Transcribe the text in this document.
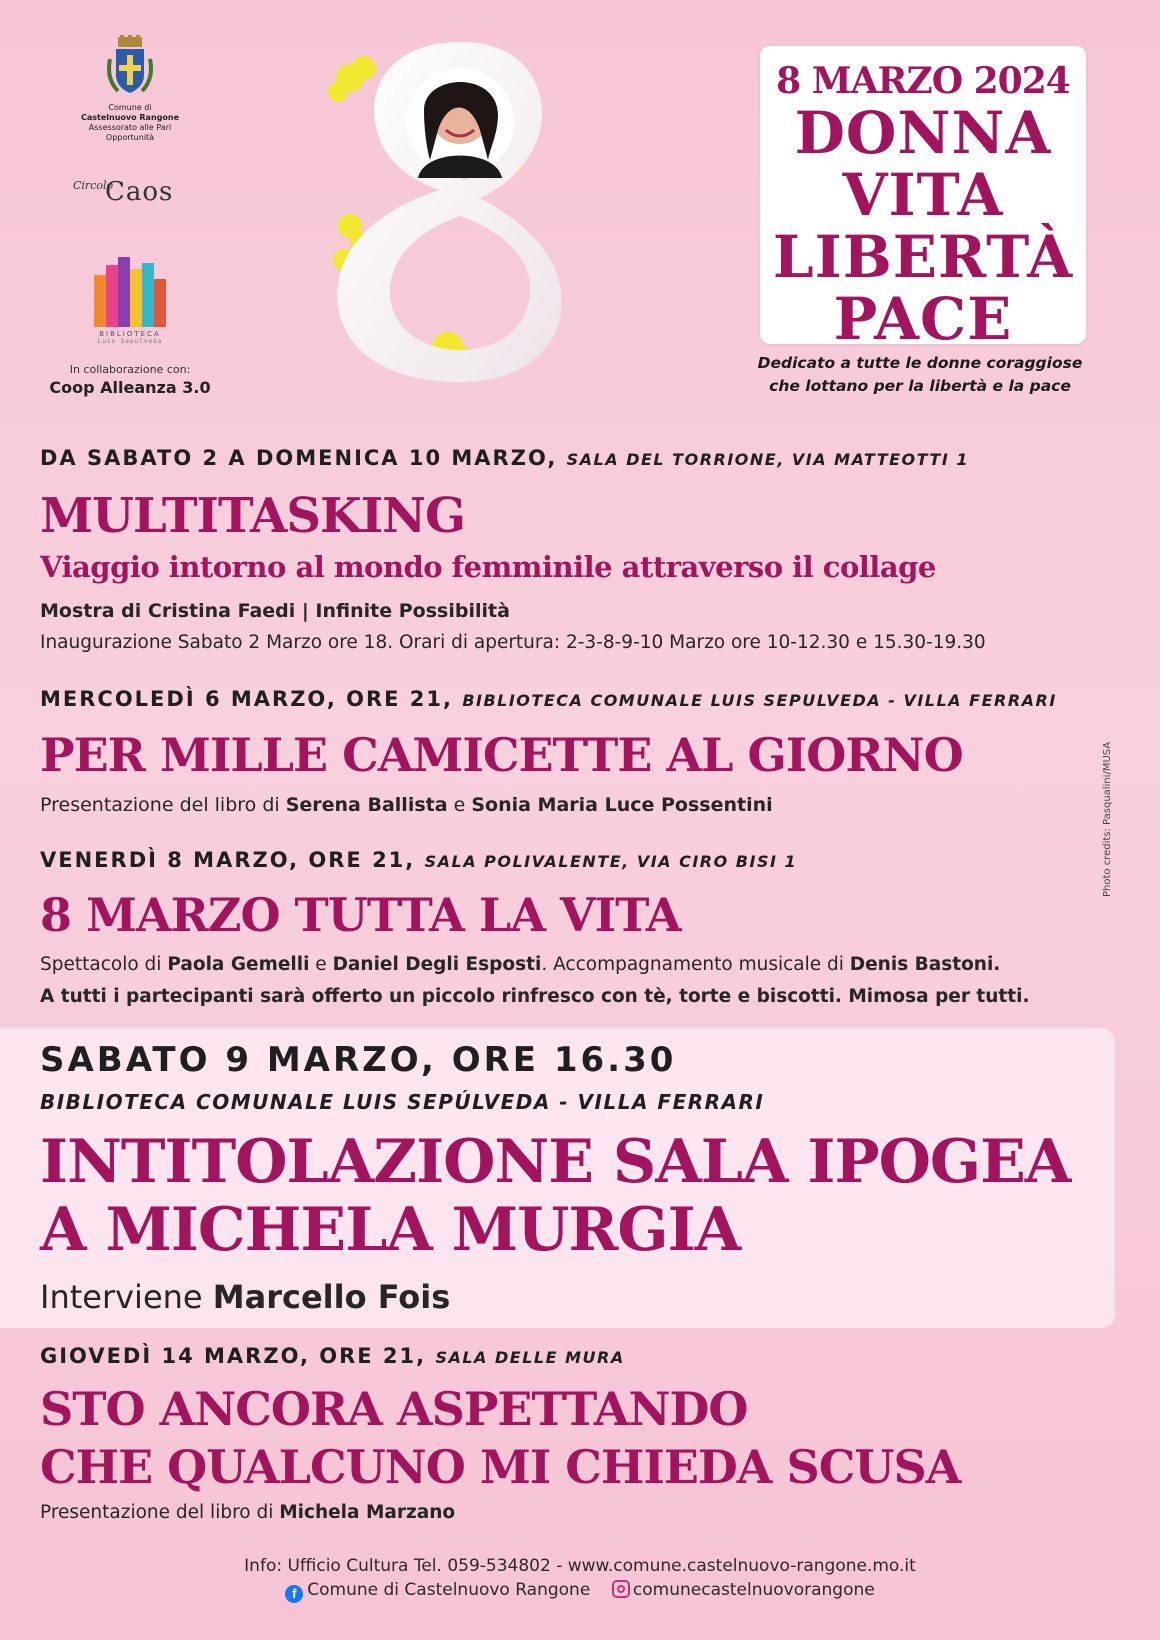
Comune di
Castelnuovo Rangone
Assessorato alle Pari
Opportunità
Circolo
Caos
BIBLIOTECA
Luis Sepulveda
In collaborazione con:
Coop Alleanza 3.0
8 MARZO 2024
DONNA
VITA
LIBERTÀ
PACE
Dedicato a tutte le donne coraggiose
che lottano per la libertà e la pace
DA SABATO 2 A DOMENICA 10 MARZO, SALA DEL TORRIONE, VIA MATTEOTTI 1
MULTITASKING
Viaggio intorno al mondo femminile attraverso il collage
Mostra di Cristina Faedi | Infinite Possibilità
Inaugurazione Sabato 2 Marzo ore 18. Orari di apertura: 2-3-8-9-10 Marzo ore 10-12.30 e 15.30-19.30
MERCOLEDÌ 6 MARZO, ORE 21, BIBLIOTECA COMUNALE LUIS SEPULVEDA - VILLA FERRARI
PER MILLE CAMICETTE AL GIORNO
Presentazione del libro di Serena Ballista e Sonia Maria Luce Possentini
VENERDÌ 8 MARZO, ORE 21, SALA POLIVALENTE, VIA CIRO BISI 1
8 MARZO TUTTA LA VITA
Spettacolo di Paola Gemelli e Daniel Degli Esposti. Accompagnamento musicale di Denis Bastoni.
A tutti i partecipanti sarà offerto un piccolo rinfresco con tè, torte e biscotti. Mimosa per tutti.
SABATO 9 MARZO, ORE 16.30
BIBLIOTECA COMUNALE LUIS SEPÚLVEDA - VILLA FERRARI
INTITOLAZIONE SALA IPOGEA
A MICHELA MURGIA
Interviene Marcello Fois
GIOVEDÌ 14 MARZO, ORE 21, SALA DELLE MURA
STO ANCORA ASPETTANDO
CHE QUALCUNO MI CHIEDA SCUSA
Presentazione del libro di Michela Marzano
Photo credits: Pasqualini/MUSA
Info: Ufficio Cultura Tel. 059-534802 - www.comune.castelnuovo-rangone.mo.it
f Comune di Castelnuovo Rangone	comunecastelnuovorangone
